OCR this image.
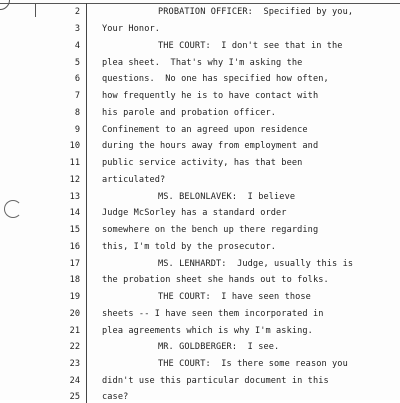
2	PROBATION OFFICER:  Specified by you,
3	Your Honor.
4	THE COURT:  I don't see that in the
5	plea sheet.  That's why I'm asking the
6	questions.  No one has specified how often,
7	how frequently he is to have contact with
8	his parole and probation officer.
9	Confinement to an agreed upon residence
10	during the hours away from employment and
11	public service activity, has that been
12	articulated?
13	MS. BELONLAVEK:  I believe
14	Judge McSorley has a standard order
15	somewhere on the bench up there regarding
16	this, I'm told by the prosecutor.
17	MS. LENHARDT:  Judge, usually this is
18	the probation sheet she hands out to folks.
19	THE COURT:  I have seen those
20	sheets -- I have seen them incorporated in
21	plea agreements which is why I'm asking.
22	MR. GOLDBERGER:  I see.
23	THE COURT:  Is there some reason you
24	didn't use this particular document in this
25	case?
